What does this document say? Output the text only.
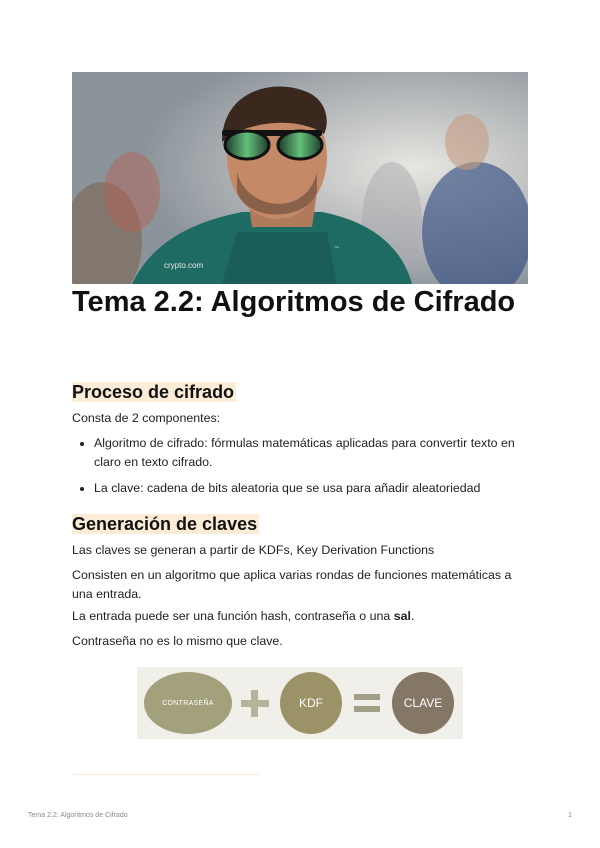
crypto.com
~
Tema 2.2: Algoritmos de Cifrado
Proceso de cifrado

Consta de 2 componentes:

Algoritmo de cifrado: fórmulas matemáticas aplicadas para convertir texto en claro en texto cifrado.
La clave: cadena de bits aleatoria que se usa para añadir aleatoriedad
Generación de claves

Las claves se generan a partir de KDFs, Key Derivation Functions

Consisten en un algoritmo que aplica varias rondas de funciones matemáticas a una entrada.

La entrada puede ser una función hash, contraseña o una sal.

Contraseña no es lo mismo que clave.

CONTRASEÑA	KDF	CLAVE
Tema 2.2: Algoritmos de Cifrado	1
